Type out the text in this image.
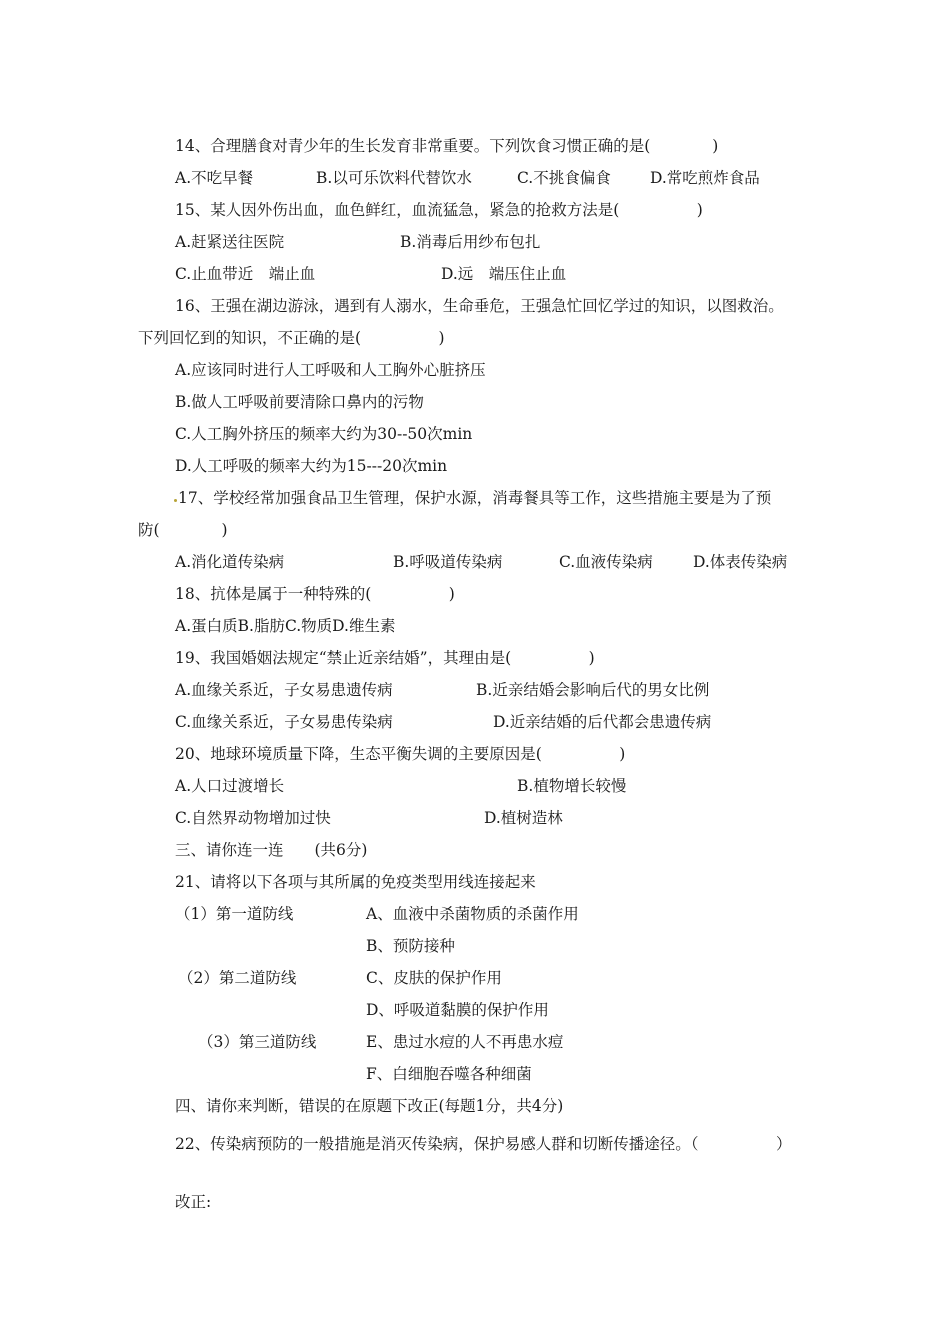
14、合理膳食对青少年的生长发育非常重要。下列饮食习惯正确的是(　　　　)
A.不吃早餐	B.以可乐饮料代替饮水	C.不挑食偏食	D.常吃煎炸食品
15、某人因外伤出血，血色鲜红，血流猛急，紧急的抢救方法是(　　　　　)
A.赶紧送往医院	B.消毒后用纱布包扎
C.止血带近　端止血	D.远　端压住止血
16、王强在湖边游泳，遇到有人溺水，生命垂危，王强急忙回忆学过的知识，以图救治。
下列回忆到的知识，不正确的是(　　　　　)
A.应该同时进行人工呼吸和人工胸外心脏挤压
B.做人工呼吸前要清除口鼻内的污物
C.人工胸外挤压的频率大约为30--50次min
D.人工呼吸的频率大约为15---20次min
17、学校经常加强食品卫生管理，保护水源，消毒餐具等工作，这些措施主要是为了预
防(　　　　)
A.消化道传染病	B.呼吸道传染病	C.血液传染病	D.体表传染病
18、抗体是属于一种特殊的(　　　　　)
A.蛋白质B.脂肪C.物质D.维生素
19、我国婚姻法规定“禁止近亲结婚”，其理由是(　　　　　)
A.血缘关系近，子女易患遗传病	B.近亲结婚会影响后代的男女比例
C.血缘关系近，子女易患传染病	D.近亲结婚的后代都会患遗传病
20、地球环境质量下降，生态平衡失调的主要原因是(　　　　　)
A.人口过渡增长	B.植物增长较慢
C.自然界动物增加过快	D.植树造林
三、请你连一连　　(共6分)
21、请将以下各项与其所属的免疫类型用线连接起来
（1）第一道防线	A、血液中杀菌物质的杀菌作用
B、预防接种
（2）第二道防线	C、皮肤的保护作用
D、呼吸道黏膜的保护作用
（3）第三道防线	E、患过水痘的人不再患水痘
F、白细胞吞噬各种细菌
四、请你来判断，错误的在原题下改正(每题1分，共4分)
22、传染病预防的一般措施是消灭传染病，保护易感人群和切断传播途径。（　　　　　）
改正:
